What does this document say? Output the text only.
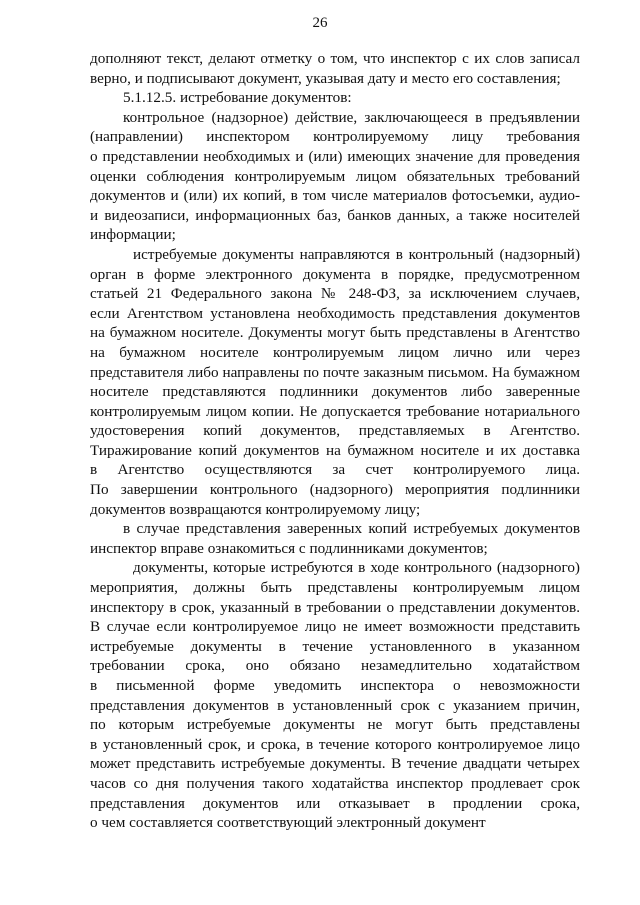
26

дополняют текст, делают отметку о том, что инспектор с их слов записал

верно, и подписывают документ, указывая дату и место его составления;

5.1.12.5. истребование документов:

контрольное (надзорное) действие, заключающееся в предъявлении

(направлении) инспектором контролируемому лицу требования

о представлении необходимых и (или) имеющих значение для проведения

оценки соблюдения контролируемым лицом обязательных требований

документов и (или) их копий, в том числе материалов фотосъемки, аудио-

и видеозаписи, информационных баз, банков данных, а также носителей

информации;

истребуемые документы направляются в контрольный (надзорный)

орган в форме электронного документа в порядке, предусмотренном

статьей 21 Федерального закона № 248-ФЗ, за исключением случаев,

если Агентством установлена необходимость представления документов

на бумажном носителе. Документы могут быть представлены в Агентство

на бумажном носителе контролируемым лицом лично или через

представителя либо направлены по почте заказным письмом. На бумажном

носителе представляются подлинники документов либо заверенные

контролируемым лицом копии. Не допускается требование нотариального

удостоверения копий документов, представляемых в Агентство.

Тиражирование копий документов на бумажном носителе и их доставка

в Агентство осуществляются за счет контролируемого лица.

По завершении контрольного (надзорного) мероприятия подлинники

документов возвращаются контролируемому лицу;

в случае представления заверенных копий истребуемых документов

инспектор вправе ознакомиться с подлинниками документов;

документы, которые истребуются в ходе контрольного (надзорного)

мероприятия, должны быть представлены контролируемым лицом

инспектору в срок, указанный в требовании о представлении документов.

В случае если контролируемое лицо не имеет возможности представить

истребуемые документы в течение установленного в указанном

требовании срока, оно обязано незамедлительно ходатайством

в письменной форме уведомить инспектора о невозможности

представления документов в установленный срок с указанием причин,

по которым истребуемые документы не могут быть представлены

в установленный срок, и срока, в течение которого контролируемое лицо

может представить истребуемые документы. В течение двадцати четырех

часов со дня получения такого ходатайства инспектор продлевает срок

представления документов или отказывает в продлении срока,

о чем составляется соответствующий электронный документ
